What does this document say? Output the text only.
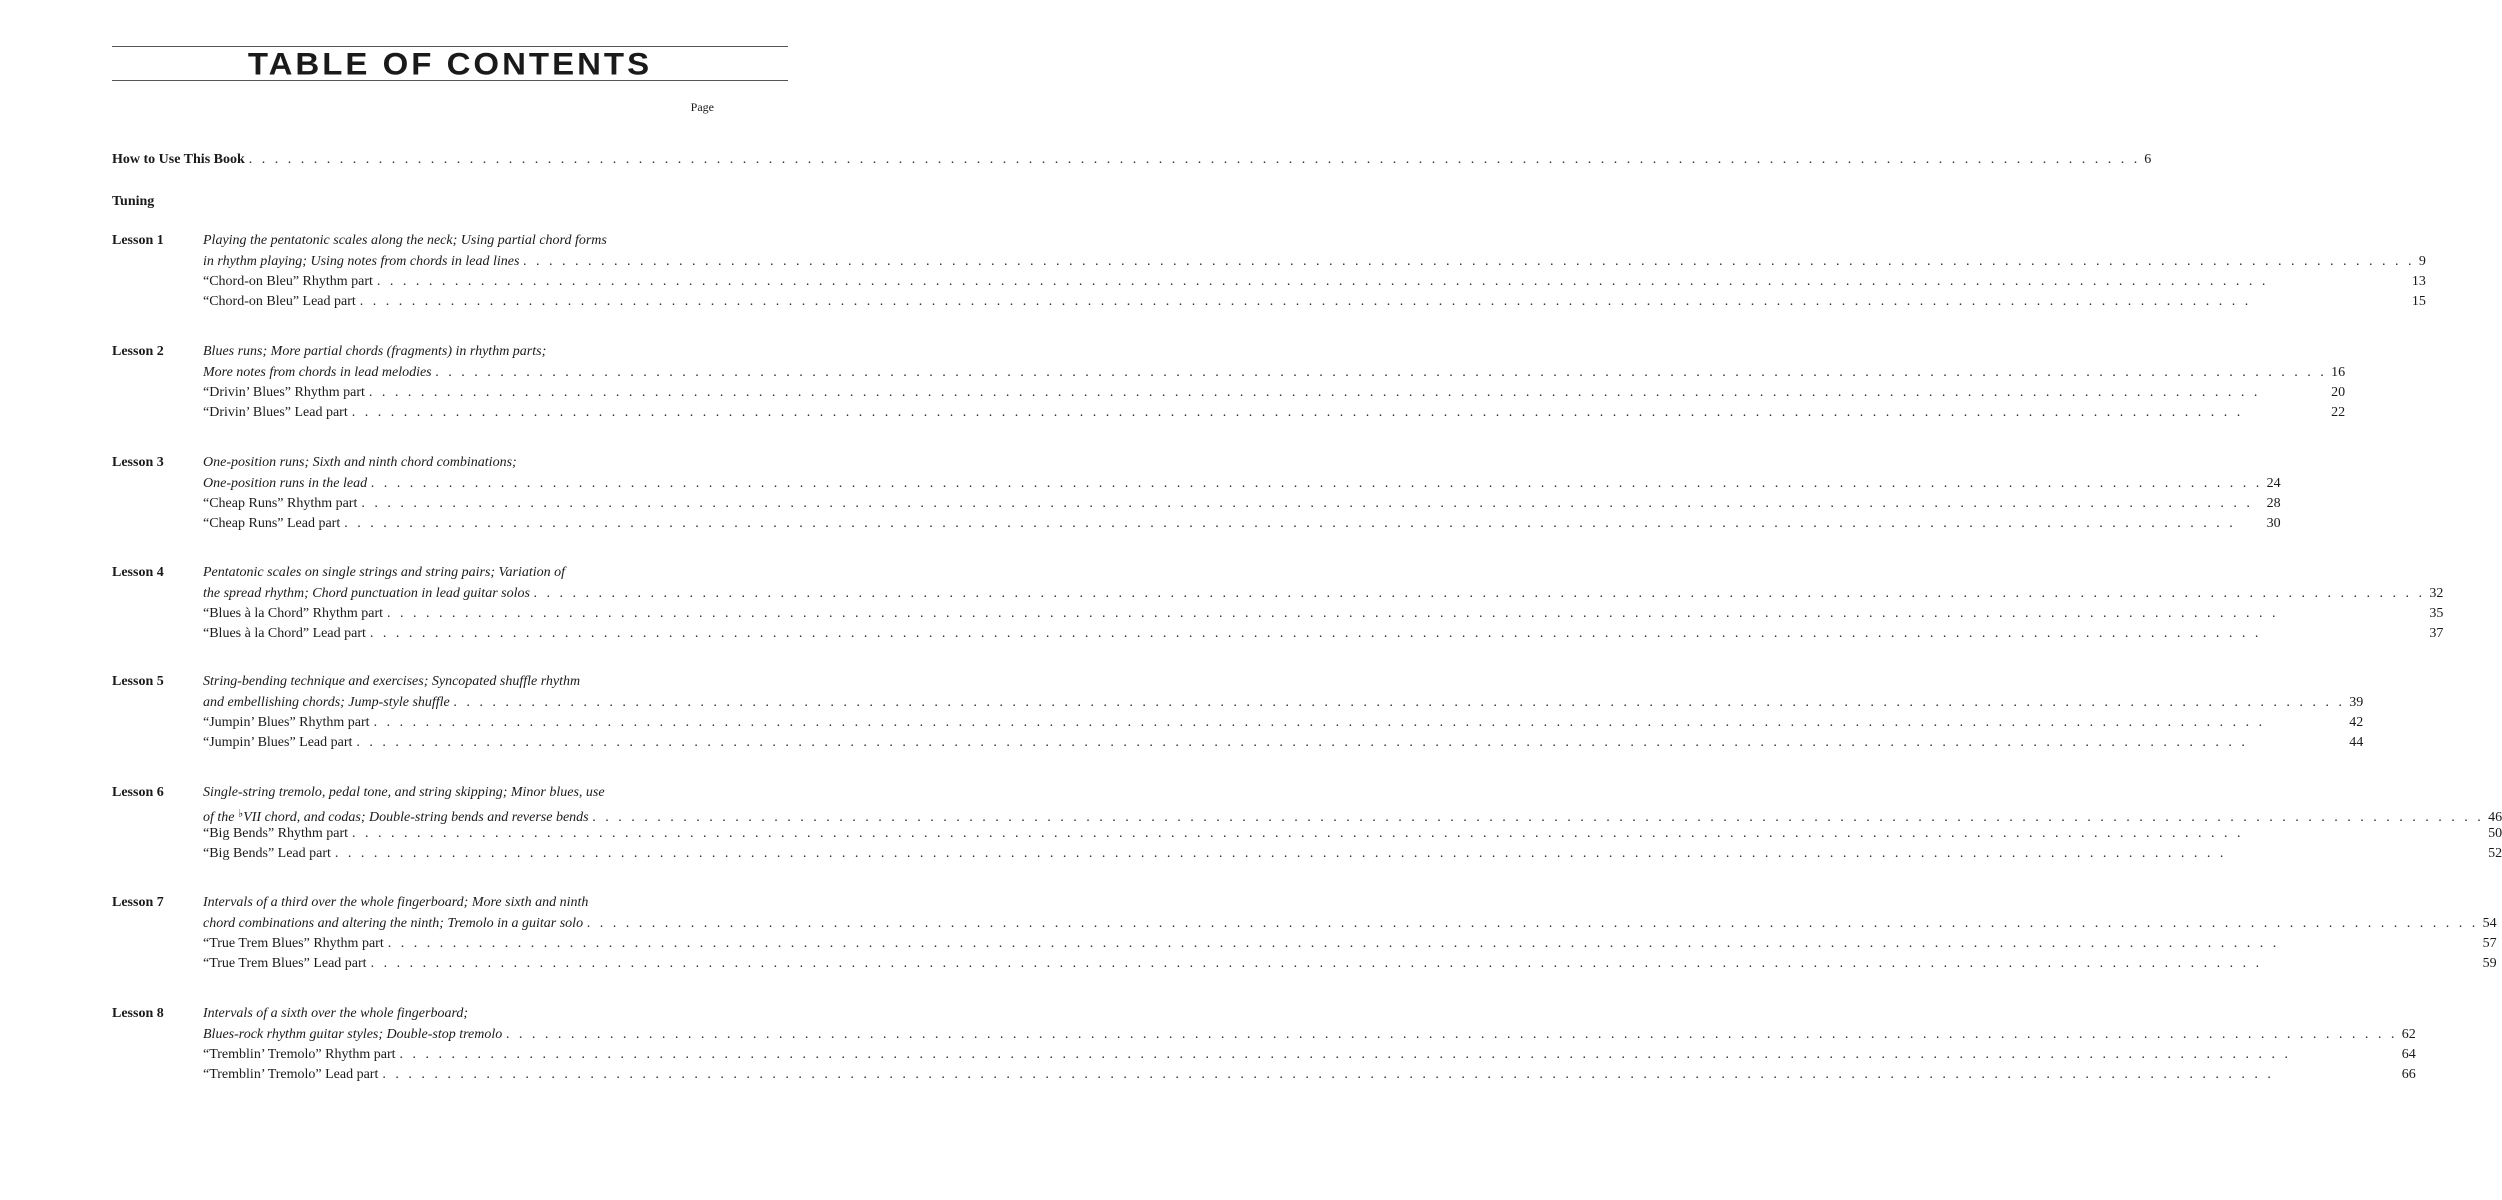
TABLE OF CONTENTS
Page
How to Use This Book . . .	6
Tuning
Lesson 1	Playing the pentatonic scales along the neck; Using partial chord forms
in rhythm playing; Using notes from chords in lead lines . . .	9
“Chord-on Bleu” Rhythm part . . .	13
“Chord-on Bleu” Lead part . . .	15
Lesson 2	Blues runs; More partial chords (fragments) in rhythm parts;
More notes from chords in lead melodies . . .	16
“Drivin’ Blues” Rhythm part . . .	20
“Drivin’ Blues” Lead part . . .	22
Lesson 3	One-position runs; Sixth and ninth chord combinations;
One-position runs in the lead . . .	24
“Cheap Runs” Rhythm part . . .	28
“Cheap Runs” Lead part . . .	30
Lesson 4	Pentatonic scales on single strings and string pairs; Variation of
the spread rhythm; Chord punctuation in lead guitar solos . . .	32
“Blues à la Chord” Rhythm part . . .	35
“Blues à la Chord” Lead part . . .	37
Lesson 5	String-bending technique and exercises; Syncopated shuffle rhythm
and embellishing chords; Jump-style shuffle . . .	39
“Jumpin’ Blues” Rhythm part . . .	42
“Jumpin’ Blues” Lead part . . .	44
Lesson 6	Single-string tremolo, pedal tone, and string skipping; Minor blues, use
of the ♭VII chord, and codas; Double-string bends and reverse bends . . .	46
“Big Bends” Rhythm part . . .	50
“Big Bends” Lead part . . .	52
Lesson 7	Intervals of a third over the whole fingerboard; More sixth and ninth
chord combinations and altering the ninth; Tremolo in a guitar solo . . .	54
“True Trem Blues” Rhythm part . . .	57
“True Trem Blues” Lead part . . .	59
Lesson 8	Intervals of a sixth over the whole fingerboard;
Blues-rock rhythm guitar styles; Double-stop tremolo . . .	62
“Tremblin’ Tremolo” Rhythm part . . .	64
“Tremblin’ Tremolo” Lead part . . .	66
